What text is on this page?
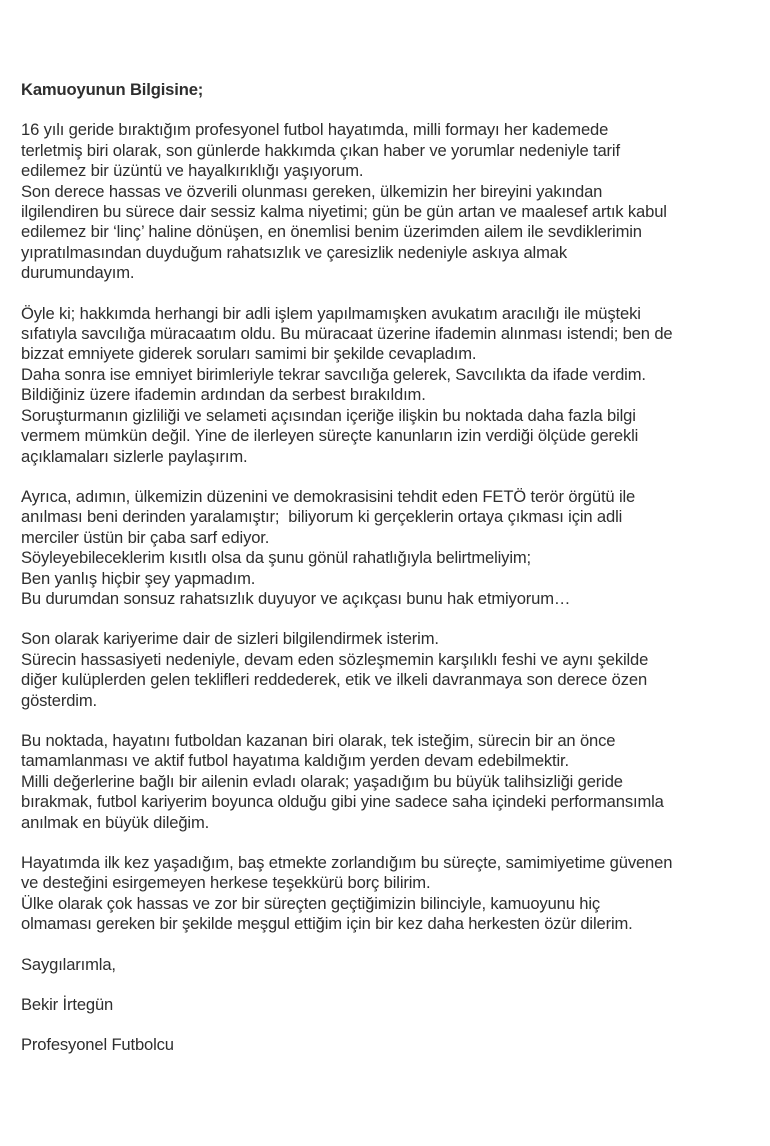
Kamuoyunun Bilgisine;
16 yılı geride bıraktığım profesyonel futbol hayatımda, milli formayı her kademede
terletmiş biri olarak, son günlerde hakkımda çıkan haber ve yorumlar nedeniyle tarif
edilemez bir üzüntü ve hayalkırıklığı yaşıyorum.
Son derece hassas ve özverili olunması gereken, ülkemizin her bireyini yakından
ilgilendiren bu sürece dair sessiz kalma niyetimi; gün be gün artan ve maalesef artık kabul
edilemez bir ‘linç’ haline dönüşen, en önemlisi benim üzerimden ailem ile sevdiklerimin
yıpratılmasından duyduğum rahatsızlık ve çaresizlik nedeniyle askıya almak
durumundayım.
Öyle ki; hakkımda herhangi bir adli işlem yapılmamışken avukatım aracılığı ile müşteki
sıfatıyla savcılığa müracaatım oldu. Bu müracaat üzerine ifademin alınması istendi; ben de
bizzat emniyete giderek soruları samimi bir şekilde cevapladım.
Daha sonra ise emniyet birimleriyle tekrar savcılığa gelerek, Savcılıkta da ifade verdim.
Bildiğiniz üzere ifademin ardından da serbest bırakıldım.
Soruşturmanın gizliliği ve selameti açısından içeriğe ilişkin bu noktada daha fazla bilgi
vermem mümkün değil. Yine de ilerleyen süreçte kanunların izin verdiği ölçüde gerekli
açıklamaları sizlerle paylaşırım.
Ayrıca, adımın, ülkemizin düzenini ve demokrasisini tehdit eden FETÖ terör örgütü ile
anılması beni derinden yaralamıştır;  biliyorum ki gerçeklerin ortaya çıkması için adli
merciler üstün bir çaba sarf ediyor.
Söyleyebileceklerim kısıtlı olsa da şunu gönül rahatlığıyla belirtmeliyim;
Ben yanlış hiçbir şey yapmadım.
Bu durumdan sonsuz rahatsızlık duyuyor ve açıkçası bunu hak etmiyorum…
Son olarak kariyerime dair de sizleri bilgilendirmek isterim.
Sürecin hassasiyeti nedeniyle, devam eden sözleşmemin karşılıklı feshi ve aynı şekilde
diğer kulüplerden gelen teklifleri reddederek, etik ve ilkeli davranmaya son derece özen
gösterdim.
Bu noktada, hayatını futboldan kazanan biri olarak, tek isteğim, sürecin bir an önce
tamamlanması ve aktif futbol hayatıma kaldığım yerden devam edebilmektir.
Milli değerlerine bağlı bir ailenin evladı olarak; yaşadığım bu büyük talihsizliği geride
bırakmak, futbol kariyerim boyunca olduğu gibi yine sadece saha içindeki performansımla
anılmak en büyük dileğim.
Hayatımda ilk kez yaşadığım, baş etmekte zorlandığım bu süreçte, samimiyetime güvenen
ve desteğini esirgemeyen herkese teşekkürü borç bilirim.
Ülke olarak çok hassas ve zor bir süreçten geçtiğimizin bilinciyle, kamuoyunu hiç
olmaması gereken bir şekilde meşgul ettiğim için bir kez daha herkesten özür dilerim.
Saygılarımla,
Bekir İrtegün
Profesyonel Futbolcu
